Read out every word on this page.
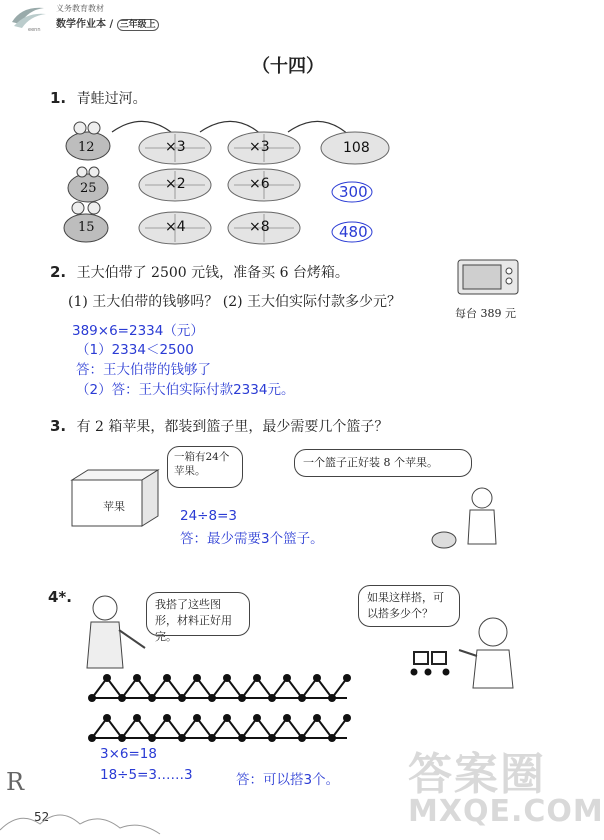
eenn
义务教育教材
数学作业本 / 三年级上
（十四）
1. 青蛙过河。
12
25
15
×3	×3	108
×2	×6	300
×4	×8	480
2. 王大伯带了 2500 元钱，准备买 6 台烤箱。
(1) 王大伯带的钱够吗？ (2) 王大伯实际付款多少元？
每台 389 元
389×6=2334（元）
（1）2334＜2500
答：王大伯带的钱够了
（2）答：王大伯实际付款2334元。
3. 有 2 箱苹果，都装到篮子里，最少需要几个篮子？
一箱有24个苹果。
苹果
一个篮子正好装 8 个苹果。
24÷8=3
答：最少需要3个篮子。
4*.	我搭了这些图形，材料正好用完。
如果这样搭，可以搭多少个？
3×6=18
18÷5=3……3	答：可以搭3个。
R
52
答案圈
MXQE.COM
